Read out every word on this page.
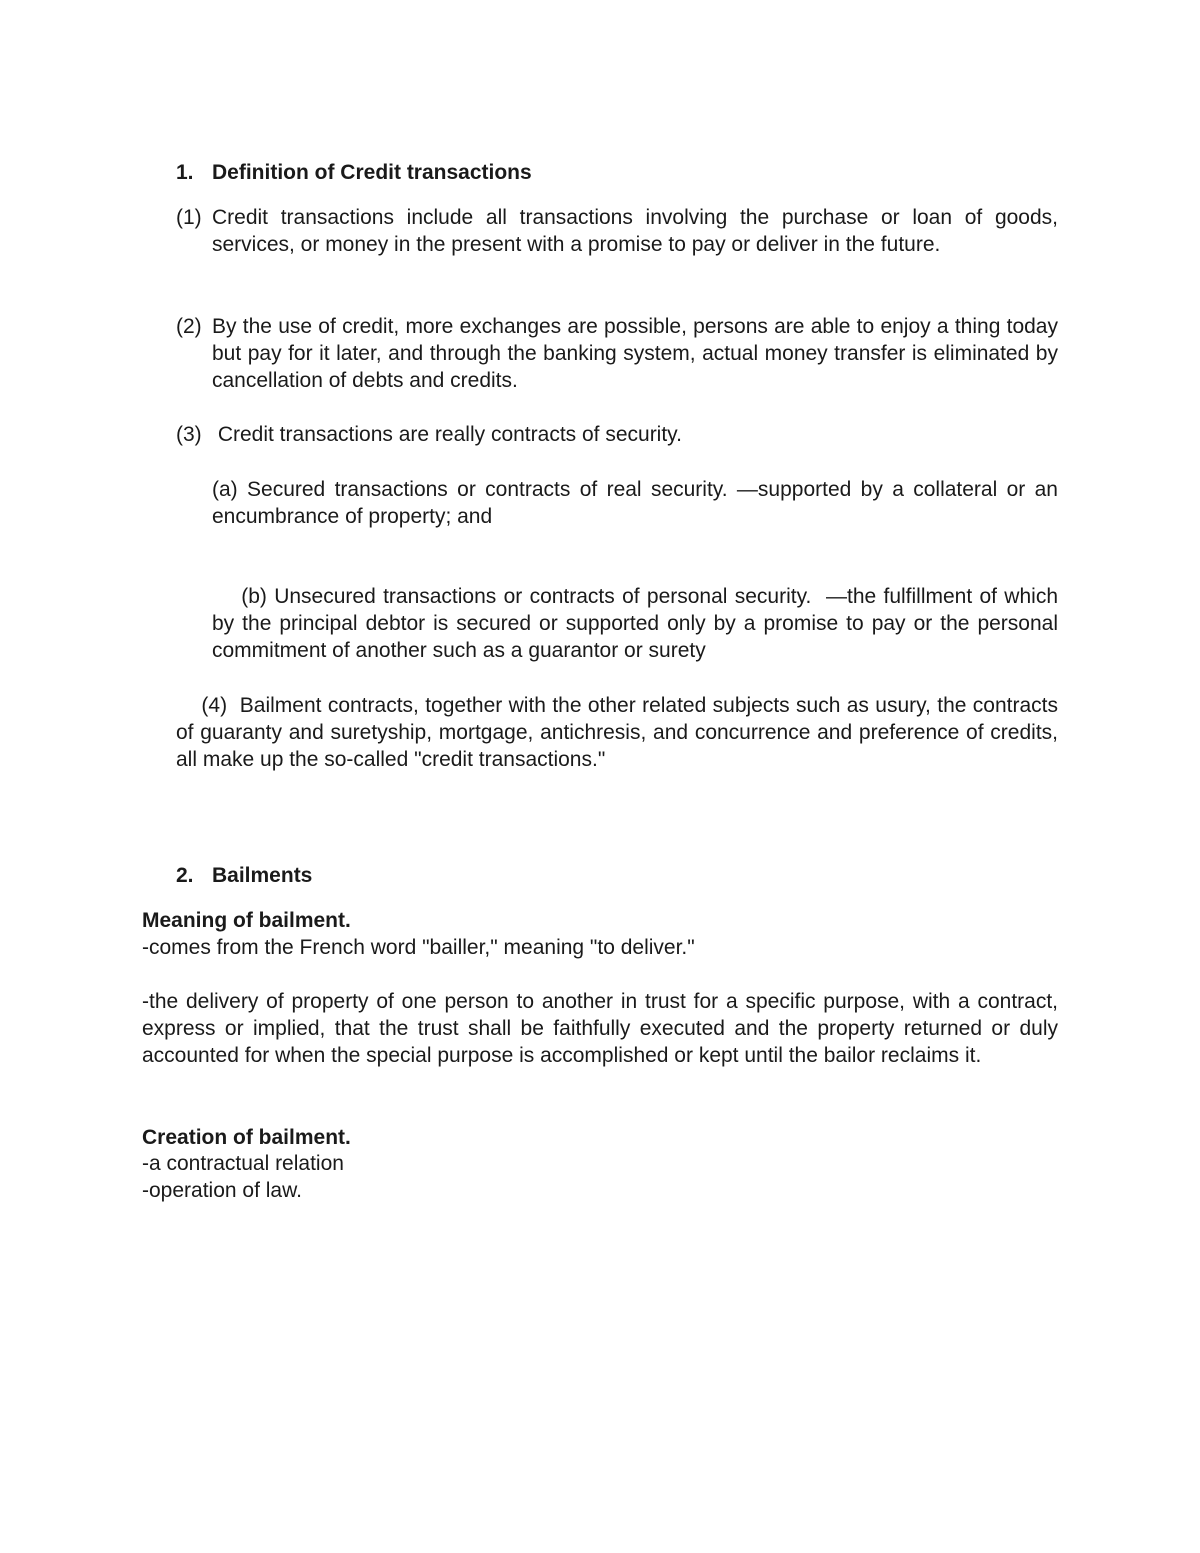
1. Definition of Credit transactions
(1) Credit transactions include all transactions involving the purchase or loan of goods, services, or money in the present with a promise to pay or deliver in the future.
(2) By the use of credit, more exchanges are possible, persons are able to enjoy a thing today but pay for it later, and through the banking system, actual money transfer is eliminated by cancellation of debts and credits.
(3) Credit transactions are really contracts of security.
(a) Secured transactions or contracts of real security. —supported by a collateral or an encumbrance of property; and

(b) Unsecured transactions or contracts of personal security.  —the fulfillment of which by the principal debtor is secured or supported only by a promise to pay or the personal commitment of another such as a guarantor or surety

(4)  Bailment contracts, together with the other related subjects such as usury, the contracts of guaranty and suretyship, mortgage, antichresis, and concurrence and preference of credits, all make up the so-called "credit transactions."

2. Bailments
Meaning of bailment.
-comes from the French word "bailler," meaning "to deliver."
-the delivery of property of one person to another in trust for a specific purpose, with a contract, express or implied, that the trust shall be faithfully executed and the property returned or duly accounted for when the special purpose is accomplished or kept until the bailor reclaims it.
Creation of bailment.
-a contractual relation
-operation of law.
